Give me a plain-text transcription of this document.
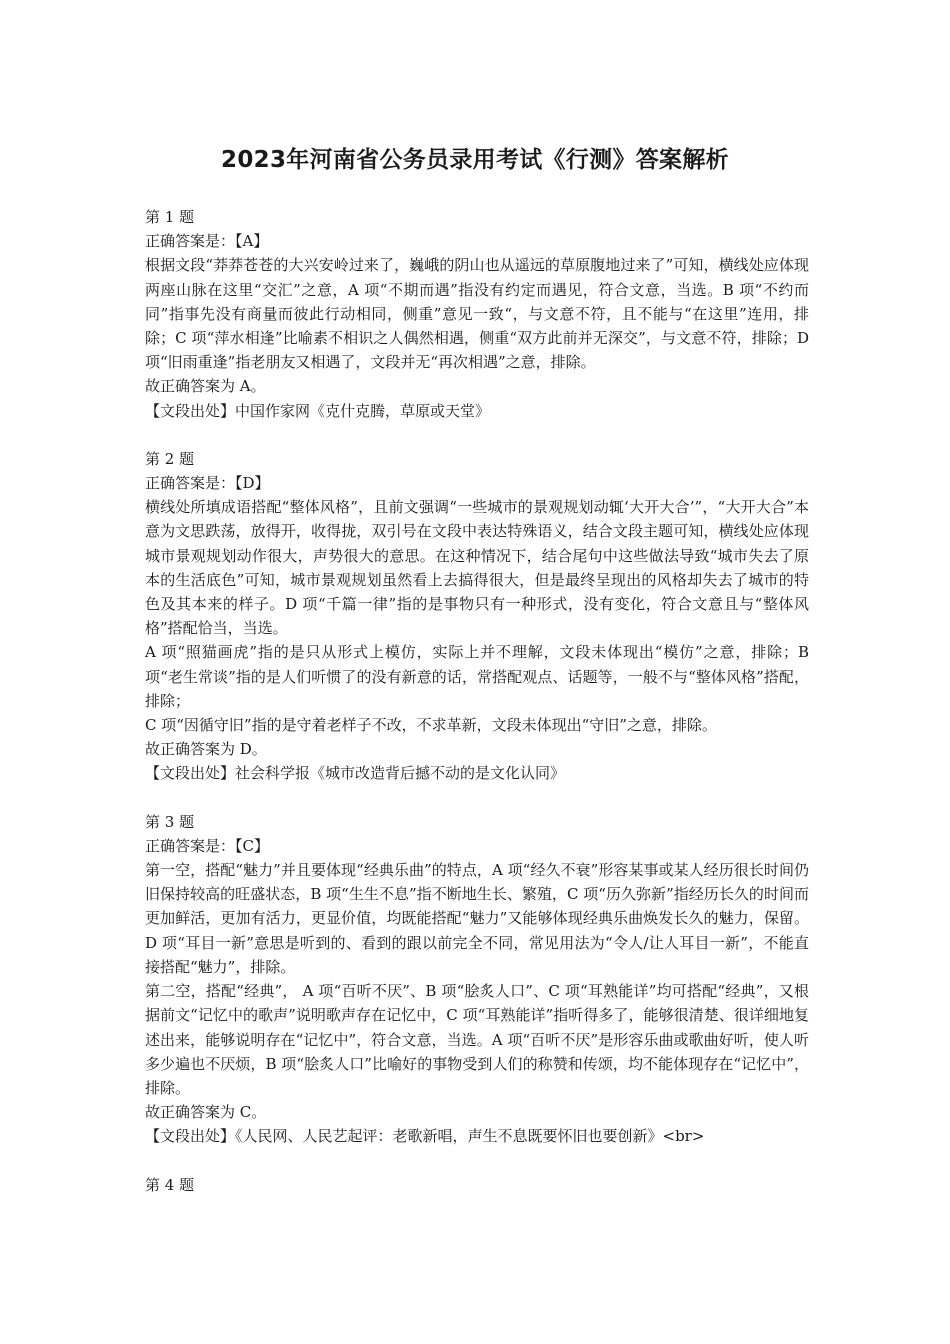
2023年河南省公务员录用考试《行测》答案解析

第 1 题

正确答案是：【A】

根据文段“莽莽苍苍的大兴安岭过来了，巍峨的阴山也从遥远的草原腹地过来了”可知，横线处应体现两座山脉在这里“交汇”之意，A 项“不期而遇”指没有约定而遇见，符合文意，当选。B 项“不约而同”指事先没有商量而彼此行动相同，侧重”意见一致“，与文意不符，且不能与“在这里”连用，排除；C 项“萍水相逢”比喻素不相识之人偶然相遇，侧重“双方此前并无深交”，与文意不符，排除；D 项“旧雨重逢”指老朋友又相遇了，文段并无“再次相遇”之意，排除。

故正确答案为 A。

【文段出处】中国作家网《克什克腾，草原或天堂》

第 2 题

正确答案是：【D】

横线处所填成语搭配“整体风格”，且前文强调“一些城市的景观规划动辄‘大开大合’”，“大开大合”本意为文思跌荡，放得开，收得拢，双引号在文段中表达特殊语义，结合文段主题可知，横线处应体现城市景观规划动作很大，声势很大的意思。在这种情况下，结合尾句中这些做法导致“城市失去了原本的生活底色”可知，城市景观规划虽然看上去搞得很大，但是最终呈现出的风格却失去了城市的特色及其本来的样子。D 项“千篇一律”指的是事物只有一种形式，没有变化，符合文意且与“整体风格”搭配恰当，当选。

A 项“照猫画虎”指的是只从形式上模仿，实际上并不理解，文段未体现出“模仿”之意，排除；B 项“老生常谈”指的是人们听惯了的没有新意的话，常搭配观点、话题等，一般不与“整体风格”搭配，排除；

C 项“因循守旧”指的是守着老样子不改，不求革新，文段未体现出“守旧”之意，排除。

故正确答案为 D。

【文段出处】社会科学报《城市改造背后撼不动的是文化认同》

第 3 题

正确答案是：【C】

第一空，搭配“魅力”并且要体现“经典乐曲”的特点，A 项“经久不衰”形容某事或某人经历很长时间仍旧保持较高的旺盛状态，B 项“生生不息”指不断地生长、繁殖，C 项“历久弥新”指经历长久的时间而更加鲜活，更加有活力，更显价值，均既能搭配“魅力”又能够体现经典乐曲焕发长久的魅力，保留。D 项“耳目一新”意思是听到的、看到的跟以前完全不同，常见用法为“令人/让人耳目一新”，不能直接搭配“魅力”，排除。

第二空，搭配“经典”， A 项“百听不厌”、B 项“脍炙人口”、C 项“耳熟能详”均可搭配“经典”，又根据前文“记忆中的歌声”说明歌声存在记忆中，C 项“耳熟能详”指听得多了，能够很清楚、很详细地复述出来，能够说明存在“记忆中”，符合文意，当选。A 项“百听不厌”是形容乐曲或歌曲好听，使人听多少遍也不厌烦，B 项“脍炙人口”比喻好的事物受到人们的称赞和传颂，均不能体现存在“记忆中”，排除。

故正确答案为 C。

【文段出处】《人民网、人民艺起评：老歌新唱，声生不息既要怀旧也要创新》<br>

第 4 题
